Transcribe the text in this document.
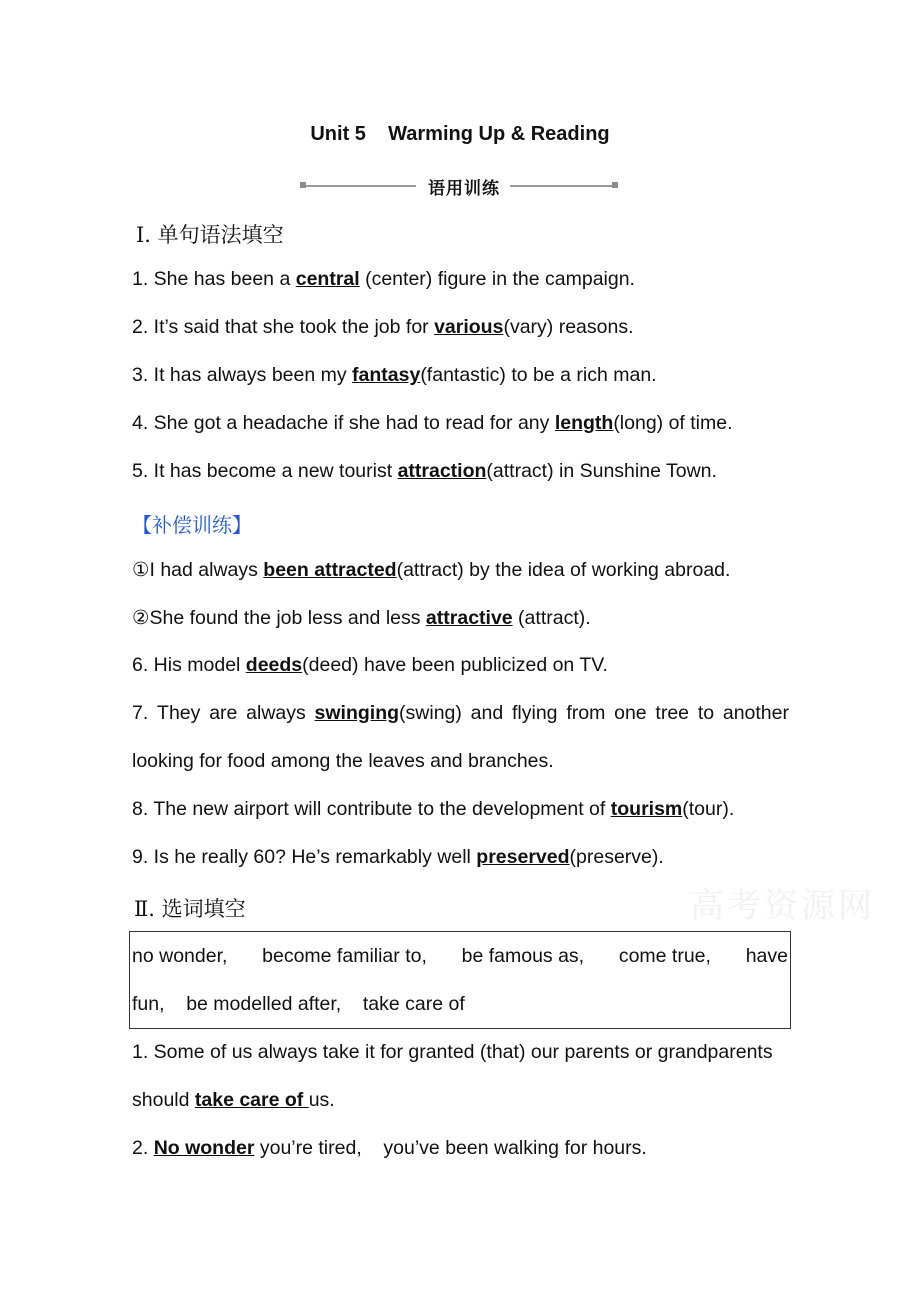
Unit 5    Warming Up & Reading
语用训练
Ⅰ. 单句语法填空
1. She has been a central (center) figure in the campaign.
2. It’s said that she took the job for various(vary) reasons.
3. It has always been my fantasy(fantastic) to be a rich man.
4. She got a headache if she had to read for any length(long) of time.
5. It has become a new tourist attraction(attract) in Sunshine Town.
【补偿训练】
①I had always been attracted(attract) by the idea of working abroad.
②She found the job less and less attractive (attract).
6. His model deeds(deed) have been publicized on TV.
7. They are always swinging(swing) and flying from one tree to another
looking for food among the leaves and branches.
8. The new airport will contribute to the development of tourism(tour).
9. Is he really 60? He’s remarkably well preserved(preserve).
高考资源网
Ⅱ. 选词填空
no wonder, become familiar to, be famous as, come true, have
fun,    be modelled after,    take care of
1. Some of us always take it for granted (that) our parents or grandparents
should take care of us.
2. No wonder you’re tired,    you’ve been walking for hours.
